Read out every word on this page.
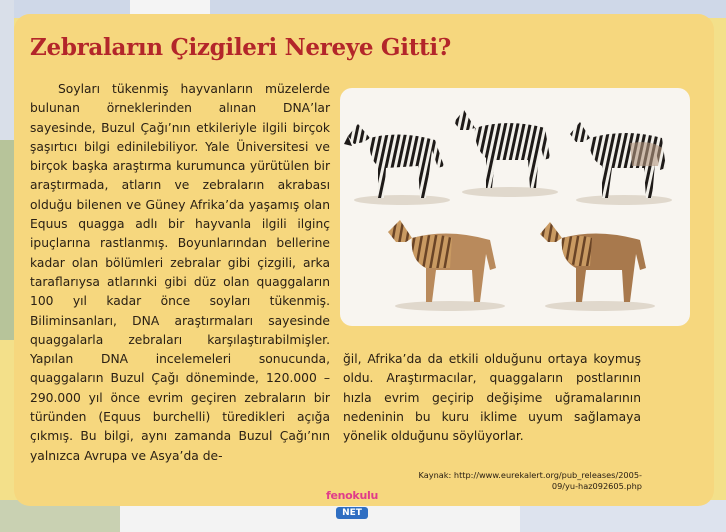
Zebraların Çizgileri Nereye Gitti?

Soyları tükenmiş hayvanların müzelerde bulunan örneklerinden alınan DNA’lar sayesinde, Buzul Çağı’nın etkileriyle ilgili birçok şaşırtıcı bilgi edinilebiliyor. Yale Üniversitesi ve birçok başka araştırma kurumunca yürütülen bir araştırmada, atların ve zebraların akrabası olduğu bilenen ve Güney Afrika’da yaşamış olan Equus quagga adlı bir hayvanla ilgili ilginç ipuçlarına rastlanmış. Boyunlarından bellerine kadar olan bölümleri zebralar gibi çizgili, arka taraflarıysa atlarınki gibi düz olan quaggaların 100 yıl kadar önce soyları tükenmiş. Biliminsanları, DNA araştırmaları sayesinde quaggalarla zebraları karşılaştırabilmişler. Yapılan DNA incelemeleri sonucunda, quaggaların Buzul Çağı döneminde, 120.000 – 290.000 yıl önce evrim geçiren zebraların bir türünden (Equus burchelli) türedikleri açığa çıkmış. Bu bilgi, aynı zamanda Buzul Çağı’nın yalnızca Avrupa ve Asya’da de-

ğil, Afrika’da da etkili olduğunu ortaya koymuş oldu. Araştırmacılar, quaggaların postlarının hızla evrim geçirip değişime uğramalarının nedeninin bu kuru iklime uyum sağlamaya yönelik olduğunu söylüyorlar.

Kaynak: http://www.eurekalert.org/pub_releases/2005-09/yu-haz092605.php
fenokulu
NET
